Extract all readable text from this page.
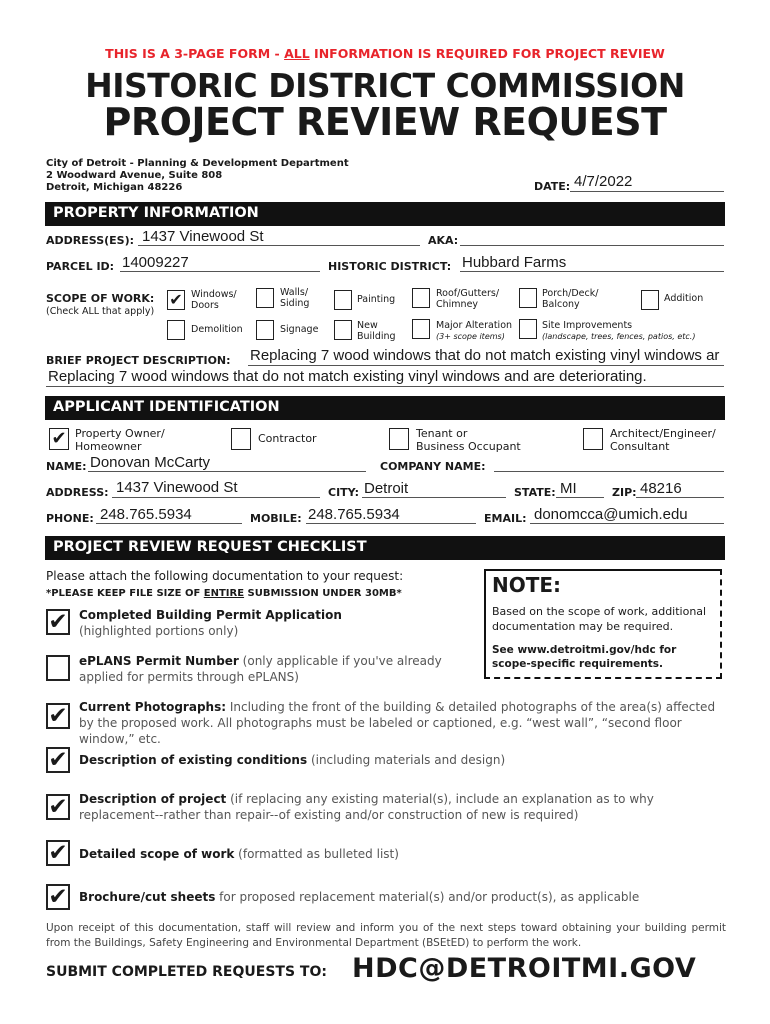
THIS IS A 3-PAGE FORM - ALL INFORMATION IS REQUIRED FOR PROJECT REVIEW
HISTORIC DISTRICT COMMISSION
PROJECT REVIEW REQUEST
City of Detroit - Planning & Development Department
2 Woodward Avenue, Suite 808
Detroit, Michigan 48226	DATE: 4/7/2022
PROPERTY INFORMATION
ADDRESS(ES): 1437 Vinewood St	AKA:
PARCEL ID: 14009227	HISTORIC DISTRICT: Hubbard Farms
SCOPE OF WORK:
(Check ALL that apply)
✔ Windows/
Doors
Walls/
Siding	Painting
Roof/Gutters/
Chimney
Porch/Deck/
Balcony
Addition
Demolition	Signage	New
Building
Major Alteration
(3+ scope items)
Site Improvements
(landscape, trees, fences, patios, etc.)
BRIEF PROJECT DESCRIPTION: Replacing 7 wood windows that do not match existing vinyl windows ar
Replacing 7 wood windows that do not match existing vinyl windows and are deteriorating.
APPLICANT IDENTIFICATION
✔ Property Owner/
Homeowner
Contractor	Tenant or
Business Occupant
Architect/Engineer/
Consultant
NAME: Donovan McCarty	COMPANY NAME:
ADDRESS: 1437 Vinewood St	CITY: Detroit	STATE: MI	ZIP: 48216
PHONE: 248.765.5934	MOBILE: 248.765.5934	EMAIL: donomcca@umich.edu
PROJECT REVIEW REQUEST CHECKLIST
Please attach the following documentation to your request:
*PLEASE KEEP FILE SIZE OF ENTIRE SUBMISSION UNDER 30MB*	NOTE:
Based on the scope of work, additional documentation may be required.
See www.detroitmi.gov/hdc for scope-specific requirements.
✔ Completed Building Permit Application
(highlighted portions only)
ePLANS Permit Number (only applicable if you've already applied for permits through ePLANS)
✔ Current Photographs: Including the front of the building & detailed photographs of the area(s) affected by the proposed work. All photographs must be labeled or captioned, e.g. “west wall”, “second floor window,” etc.
✔ Description of existing conditions (including materials and design)
✔ Description of project (if replacing any existing material(s), include an explanation as to why replacement--rather than repair--of existing and/or construction of new is required)
✔ Detailed scope of work (formatted as bulleted list)
✔ Brochure/cut sheets for proposed replacement material(s) and/or product(s), as applicable
Upon receipt of this documentation, staff will review and inform you of the next steps toward obtaining your building permit from the Buildings, Safety Engineering and Environmental Department (BSEtED) to perform the work.
SUBMIT COMPLETED REQUESTS TO: HDC@DETROITMI.GOV
